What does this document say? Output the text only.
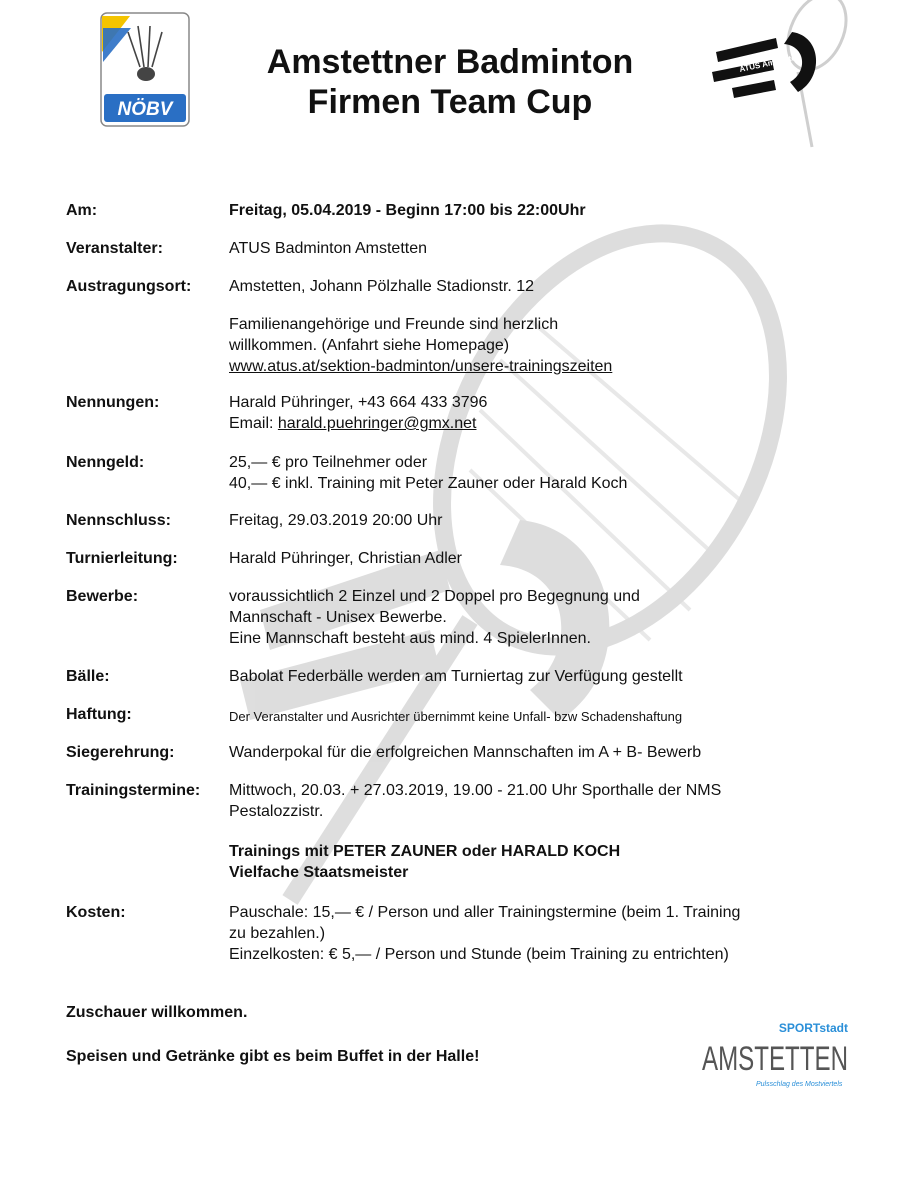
NÖBV
ATUS Amstetten
Amstettner Badminton
Firmen Team Cup
Am:	Freitag, 05.04.2019 - Beginn 17:00 bis 22:00Uhr
Veranstalter:	ATUS Badminton Amstetten
Austragungsort:	Amstetten, Johann Pölzhalle Stadionstr. 12
Familienangehörige und Freunde sind herzlich
willkommen. (Anfahrt siehe Homepage)
www.atus.at/sektion-badminton/unsere-trainingszeiten
Nennungen:	Harald Pühringer, +43 664 433 3796
Email: harald.puehringer@gmx.net
Nenngeld:	25,— € pro Teilnehmer oder
40,— € inkl. Training mit Peter Zauner oder Harald Koch
Nennschluss:	Freitag, 29.03.2019 20:00 Uhr
Turnierleitung:	Harald Pühringer, Christian Adler
Bewerbe:	voraussichtlich 2 Einzel und 2 Doppel pro Begegnung und
Mannschaft - Unisex Bewerbe.
Eine Mannschaft besteht aus mind. 4 SpielerInnen.
Bälle:	Babolat Federbälle werden am Turniertag zur Verfügung gestellt
Haftung:	Der Veranstalter und Ausrichter übernimmt keine Unfall- bzw Schadenshaftung
Siegerehrung:	Wanderpokal für die erfolgreichen Mannschaften im A + B- Bewerb
Trainingstermine:	Mittwoch, 20.03. + 27.03.2019, 19.00 - 21.00 Uhr Sporthalle der NMS
Pestalozzistr.
Trainings mit PETER ZAUNER oder HARALD KOCH
Vielfache Staatsmeister
Kosten:	Pauschale: 15,— € / Person und aller Trainingstermine (beim 1. Training
zu bezahlen.)
Einzelkosten: € 5,— / Person und Stunde (beim Training zu entrichten)
Zuschauer willkommen.
Speisen und Getränke gibt es beim Buffet in der Halle!
SPORTstadt
AMSTETTEN
Pulsschlag des Mostviertels
